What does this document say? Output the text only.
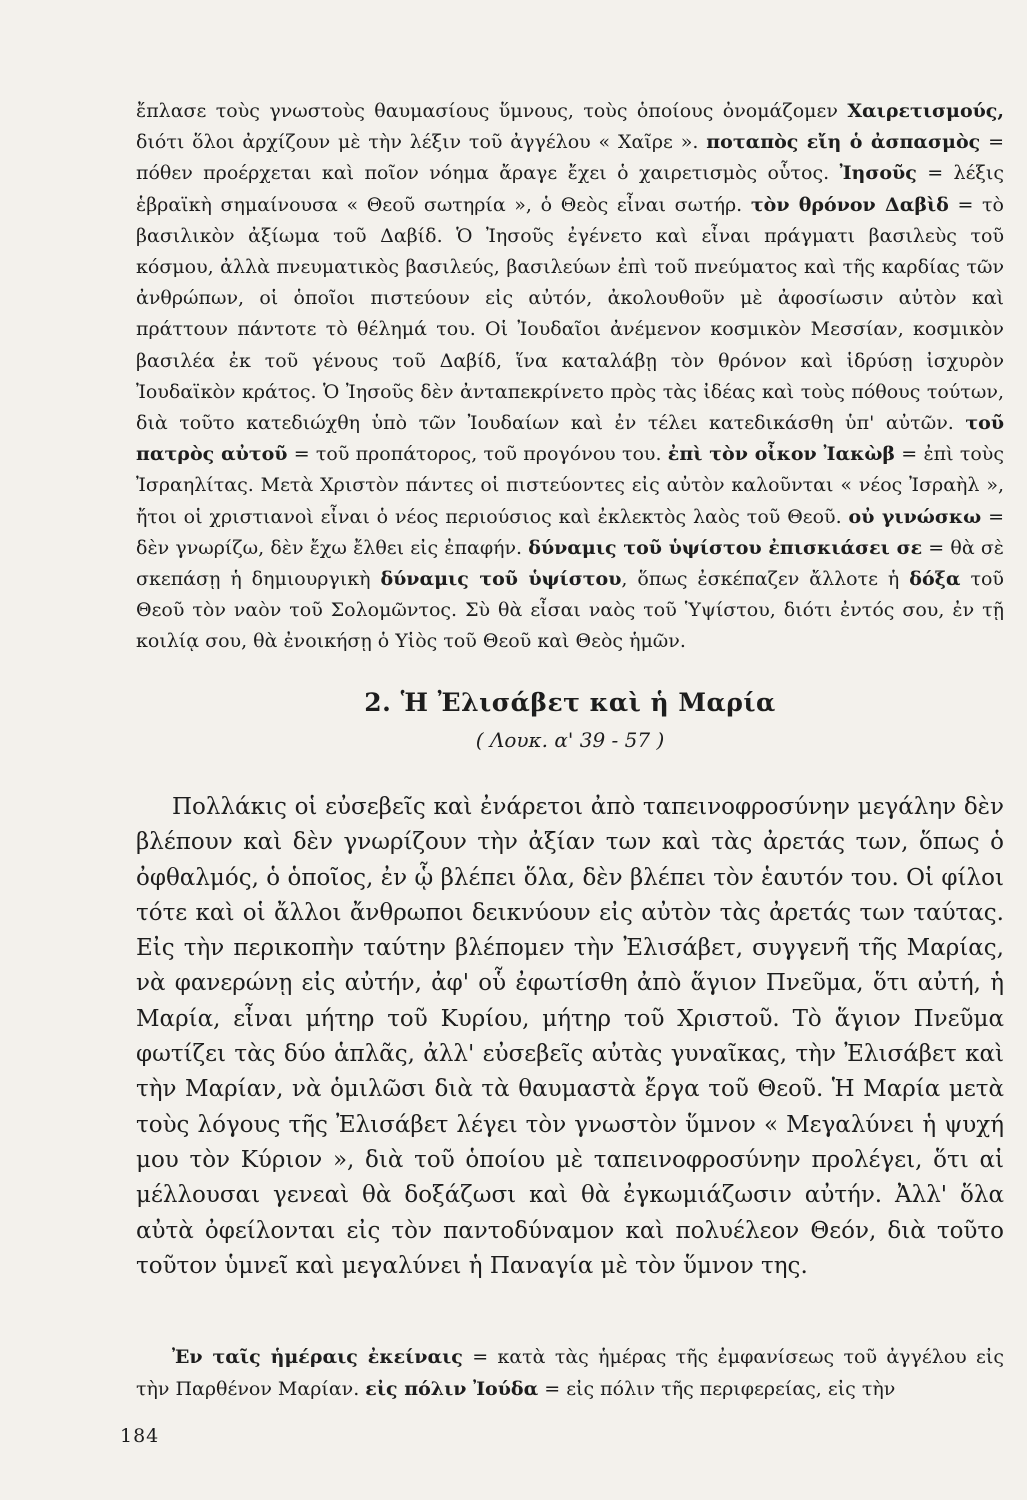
ἔπλασε τοὺς γνωστοὺς θαυμασίους ὕμνους, τοὺς ὁποίους ὀνομάζομεν Χαιρετισμούς, διότι ὅλοι ἀρχίζουν μὲ τὴν λέξιν τοῦ ἀγγέλου « Χαῖρε ». ποταπὸς εἴη ὁ ἀσπασμὸς = πόθεν προέρχεται καὶ ποῖον νόημα ἄραγε ἔχει ὁ χαιρετισμὸς οὗτος. Ἰησοῦς = λέξις ἑβραϊκὴ σημαίνουσα « Θεοῦ σωτηρία », ὁ Θεὸς εἶναι σωτήρ. τὸν θρόνον Δαβὶδ = τὸ βασιλικὸν ἀξίωμα τοῦ Δαβίδ. Ὁ Ἰησοῦς ἐγένετο καὶ εἶναι πράγματι βασιλεὺς τοῦ κόσμου, ἀλλὰ πνευματικὸς βασιλεύς, βασιλεύων ἐπὶ τοῦ πνεύματος καὶ τῆς καρδίας τῶν ἀνθρώπων, οἱ ὁποῖοι πιστεύουν εἰς αὐτόν, ἀκολουθοῦν μὲ ἀφοσίωσιν αὐτὸν καὶ πράττουν πάντοτε τὸ θέλημά του. Οἱ Ἰουδαῖοι ἀνέμενον κοσμικὸν Μεσσίαν, κοσμικὸν βασιλέα ἐκ τοῦ γένους τοῦ Δαβίδ, ἵνα καταλάβῃ τὸν θρόνον καὶ ἱδρύσῃ ἰσχυρὸν Ἰουδαϊκὸν κράτος. Ὁ Ἰησοῦς δὲν ἀνταπεκρίνετο πρὸς τὰς ἰδέας καὶ τοὺς πόθους τούτων, διὰ τοῦτο κατεδιώχθη ὑπὸ τῶν Ἰουδαίων καὶ ἐν τέλει κατεδικάσθη ὑπ' αὐτῶν. τοῦ πατρὸς αὐτοῦ = τοῦ προπάτορος, τοῦ προγόνου του. ἐπὶ τὸν οἶκον Ἰακὼβ = ἐπὶ τοὺς Ἰσραηλίτας. Μετὰ Χριστὸν πάντες οἱ πιστεύοντες εἰς αὐτὸν καλοῦνται « νέος Ἰσραὴλ », ἤτοι οἱ χριστιανοὶ εἶναι ὁ νέος περιούσιος καὶ ἐκλεκτὸς λαὸς τοῦ Θεοῦ. οὐ γινώσκω = δὲν γνωρίζω, δὲν ἔχω ἔλθει εἰς ἐπαφήν. δύναμις τοῦ ὑψίστου ἐπισκιάσει σε = θὰ σὲ σκεπάσῃ ἡ δημιουργικὴ δύναμις τοῦ ὑψίστου, ὅπως ἐσκέπαζεν ἄλλοτε ἡ δόξα τοῦ Θεοῦ τὸν ναὸν τοῦ Σολομῶντος. Σὺ θὰ εἶσαι ναὸς τοῦ Ὑψίστου, διότι ἐντός σου, ἐν τῇ κοιλίᾳ σου, θὰ ἐνοικήσῃ ὁ Υἱὸς τοῦ Θεοῦ καὶ Θεὸς ἡμῶν.

2. Ἡ Ἐλισάβετ καὶ ἡ Μαρία
( Λουκ. α' 39 - 57 )

Πολλάκις οἱ εὐσεβεῖς καὶ ἐνάρετοι ἀπὸ ταπεινοφροσύνην μεγάλην δὲν βλέπουν καὶ δὲν γνωρίζουν τὴν ἀξίαν των καὶ τὰς ἀρετάς των, ὅπως ὁ ὀφθαλμός, ὁ ὁποῖος, ἐν ᾧ βλέπει ὅλα, δὲν βλέπει τὸν ἑαυτόν του. Οἱ φίλοι τότε καὶ οἱ ἄλλοι ἄνθρωποι δεικνύουν εἰς αὐτὸν τὰς ἀρετάς των ταύτας. Εἰς τὴν περικοπὴν ταύτην βλέπομεν τὴν Ἐλισάβετ, συγγενῆ τῆς Μαρίας, νὰ φανερώνῃ εἰς αὐτήν, ἀφ' οὗ ἐφωτίσθη ἀπὸ ἅγιον Πνεῦμα, ὅτι αὐτή, ἡ Μαρία, εἶναι μήτηρ τοῦ Κυρίου, μήτηρ τοῦ Χριστοῦ. Τὸ ἅγιον Πνεῦμα φωτίζει τὰς δύο ἁπλᾶς, ἀλλ' εὐσεβεῖς αὐτὰς γυναῖκας, τὴν Ἐλισάβετ καὶ τὴν Μαρίαν, νὰ ὁμιλῶσι διὰ τὰ θαυμαστὰ ἔργα τοῦ Θεοῦ. Ἡ Μαρία μετὰ τοὺς λόγους τῆς Ἐλισάβετ λέγει τὸν γνωστὸν ὕμνον « Μεγαλύνει ἡ ψυχή μου τὸν Κύριον », διὰ τοῦ ὁποίου μὲ ταπεινοφροσύνην προλέγει, ὅτι αἱ μέλλουσαι γενεαὶ θὰ δοξάζωσι καὶ θὰ ἐγκωμιάζωσιν αὐτήν. Ἀλλ' ὅλα αὐτὰ ὀφείλονται εἰς τὸν παντοδύναμον καὶ πολυέλεον Θεόν, διὰ τοῦτο τοῦτον ὑμνεῖ καὶ μεγαλύνει ἡ Παναγία μὲ τὸν ὕμνον της.

Ἐν ταῖς ἡμέραις ἐκείναις = κατὰ τὰς ἡμέρας τῆς ἐμφανίσεως τοῦ ἀγγέλου εἰς τὴν Παρθένον Μαρίαν. εἰς πόλιν Ἰούδα = εἰς πόλιν τῆς περιφερείας, εἰς τὴν

184
